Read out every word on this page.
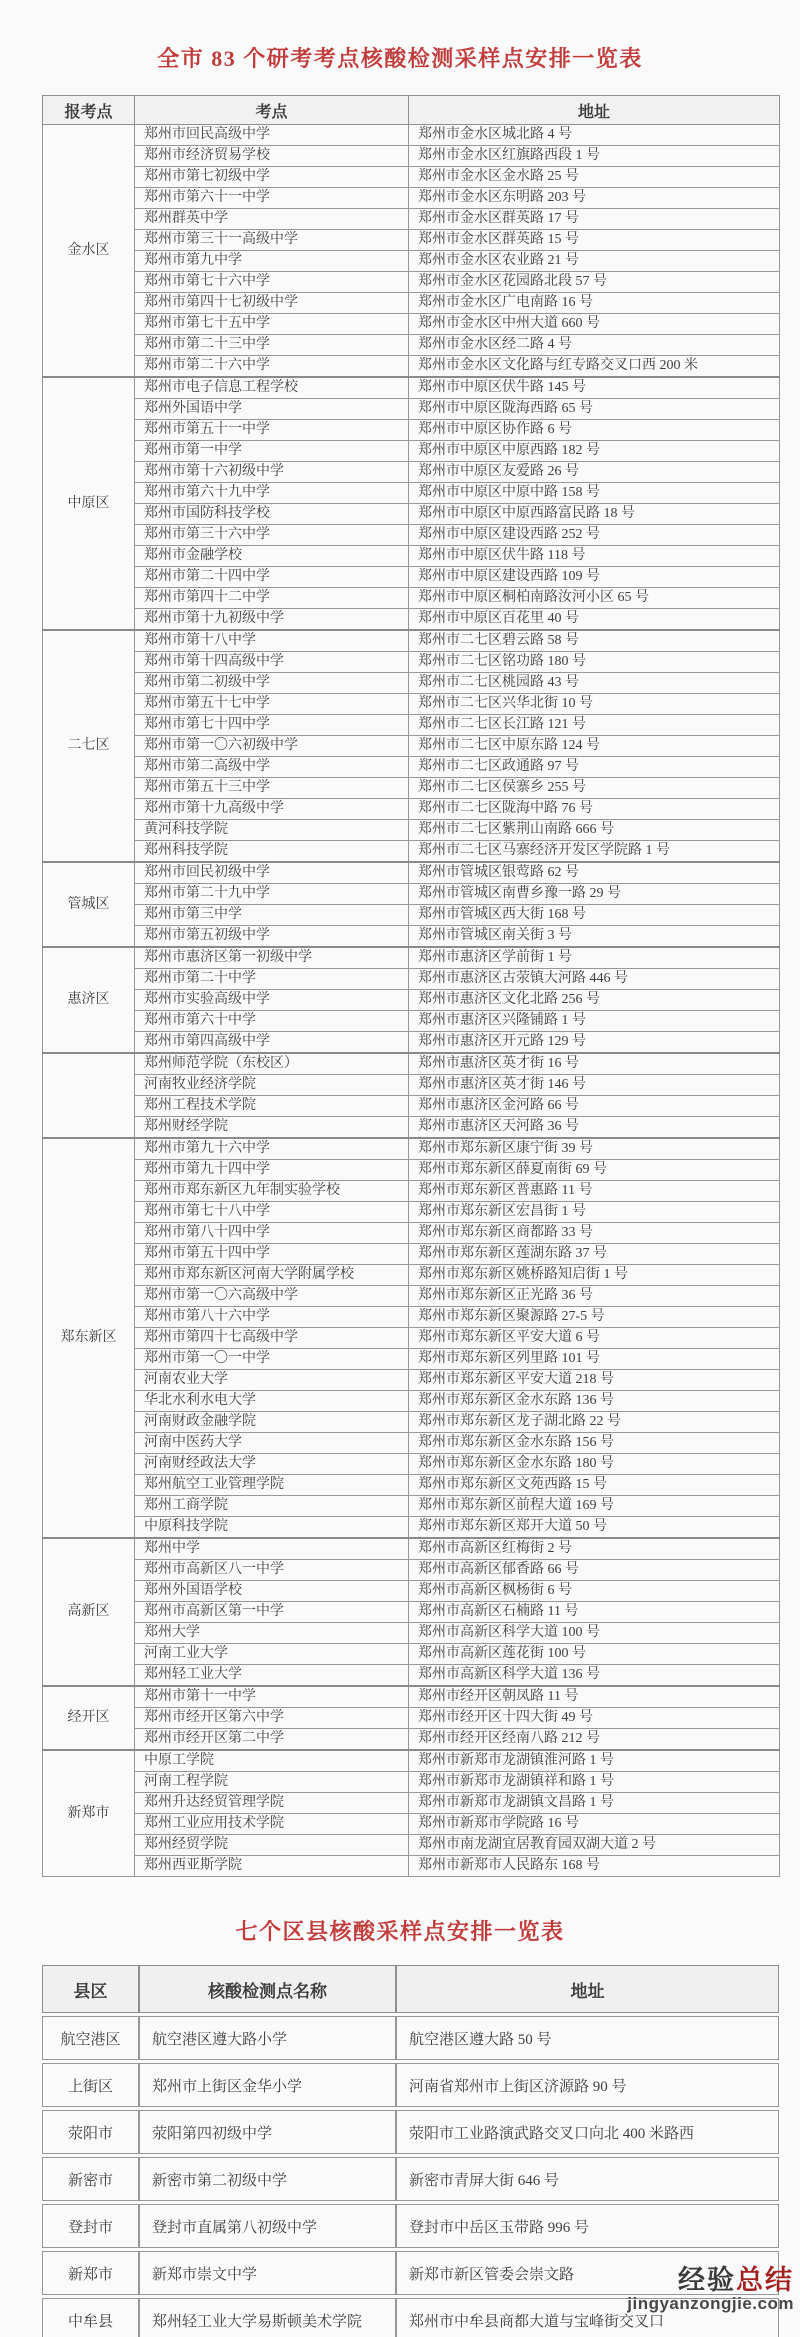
全市 83 个研考考点核酸检测采样点安排一览表
报考点	考点	地址
金水区	郑州市回民高级中学	郑州市金水区城北路 4 号
	郑州市经济贸易学校	郑州市金水区红旗路西段 1 号
	郑州市第七初级中学	郑州市金水区金水路 25 号
	郑州市第六十一中学	郑州市金水区东明路 203 号
	郑州群英中学	郑州市金水区群英路 17 号
	郑州市第三十一高级中学	郑州市金水区群英路 15 号
	郑州市第九中学	郑州市金水区农业路 21 号
	郑州市第七十六中学	郑州市金水区花园路北段 57 号
	郑州市第四十七初级中学	郑州市金水区广电南路 16 号
	郑州市第七十五中学	郑州市金水区中州大道 660 号
	郑州市第二十三中学	郑州市金水区经二路 4 号
	郑州市第二十六中学	郑州市金水区文化路与红专路交叉口西 200 米
中原区	郑州市电子信息工程学校	郑州市中原区伏牛路 145 号
	郑州外国语中学	郑州市中原区陇海西路 65 号
	郑州市第五十一中学	郑州市中原区协作路 6 号
	郑州市第一中学	郑州市中原区中原西路 182 号
	郑州市第十六初级中学	郑州市中原区友爱路 26 号
	郑州市第六十九中学	郑州市中原区中原中路 158 号
	郑州市国防科技学校	郑州市中原区中原西路富民路 18 号
	郑州市第三十六中学	郑州市中原区建设西路 252 号
	郑州市金融学校	郑州市中原区伏牛路 118 号
	郑州市第二十四中学	郑州市中原区建设西路 109 号
	郑州市第四十二中学	郑州市中原区桐柏南路汝河小区 65 号
	郑州市第十九初级中学	郑州市中原区百花里 40 号
二七区	郑州市第十八中学	郑州市二七区碧云路 58 号
	郑州市第十四高级中学	郑州市二七区铭功路 180 号
	郑州市第二初级中学	郑州市二七区桃园路 43 号
	郑州市第五十七中学	郑州市二七区兴华北街 10 号
	郑州市第七十四中学	郑州市二七区长江路 121 号
	郑州市第一〇六初级中学	郑州市二七区中原东路 124 号
	郑州市第二高级中学	郑州市二七区政通路 97 号
	郑州市第五十三中学	郑州市二七区侯寨乡 255 号
	郑州市第十九高级中学	郑州市二七区陇海中路 76 号
	黄河科技学院	郑州市二七区紫荆山南路 666 号
	郑州科技学院	郑州市二七区马寨经济开发区学院路 1 号
管城区	郑州市回民初级中学	郑州市管城区银莺路 62 号
	郑州市第二十九中学	郑州市管城区南曹乡豫一路 29 号
	郑州市第三中学	郑州市管城区西大街 168 号
	郑州市第五初级中学	郑州市管城区南关街 3 号
惠济区	郑州市惠济区第一初级中学	郑州市惠济区学前街 1 号
	郑州市第二十中学	郑州市惠济区古荥镇大河路 446 号
	郑州市实验高级中学	郑州市惠济区文化北路 256 号
	郑州市第六十中学	郑州市惠济区兴隆铺路 1 号
	郑州市第四高级中学	郑州市惠济区开元路 129 号
	郑州师范学院（东校区）	郑州市惠济区英才街 16 号
	河南牧业经济学院	郑州市惠济区英才街 146 号
	郑州工程技术学院	郑州市惠济区金河路 66 号
	郑州财经学院	郑州市惠济区天河路 36 号
郑东新区	郑州市第九十六中学	郑州市郑东新区康宁街 39 号
	郑州市第九十四中学	郑州市郑东新区薛夏南街 69 号
	郑州市郑东新区九年制实验学校	郑州市郑东新区普惠路 11 号
	郑州市第七十八中学	郑州市郑东新区宏昌街 1 号
	郑州市第八十四中学	郑州市郑东新区商都路 33 号
	郑州市第五十四中学	郑州市郑东新区莲湖东路 37 号
	郑州市郑东新区河南大学附属学校	郑州市郑东新区姚桥路知启街 1 号
	郑州市第一〇六高级中学	郑州市郑东新区正光路 36 号
	郑州市第八十六中学	郑州市郑东新区聚源路 27-5 号
	郑州市第四十七高级中学	郑州市郑东新区平安大道 6 号
	郑州市第一〇一中学	郑州市郑东新区列里路 101 号
	河南农业大学	郑州市郑东新区平安大道 218 号
	华北水利水电大学	郑州市郑东新区金水东路 136 号
	河南财政金融学院	郑州市郑东新区龙子湖北路 22 号
	河南中医药大学	郑州市郑东新区金水东路 156 号
	河南财经政法大学	郑州市郑东新区金水东路 180 号
	郑州航空工业管理学院	郑州市郑东新区文苑西路 15 号
	郑州工商学院	郑州市郑东新区前程大道 169 号
	中原科技学院	郑州市郑东新区郑开大道 50 号
高新区	郑州中学	郑州市高新区红梅街 2 号
	郑州市高新区八一中学	郑州市高新区郁香路 66 号
	郑州外国语学校	郑州市高新区枫杨街 6 号
	郑州市高新区第一中学	郑州市高新区石楠路 11 号
	郑州大学	郑州市高新区科学大道 100 号
	河南工业大学	郑州市高新区莲花街 100 号
	郑州轻工业大学	郑州市高新区科学大道 136 号
经开区	郑州市第十一中学	郑州市经开区朝凤路 11 号
	郑州市经开区第六中学	郑州市经开区十四大街 49 号
	郑州市经开区第二中学	郑州市经开区经南八路 212 号
新郑市	中原工学院	郑州市新郑市龙湖镇淮河路 1 号
	河南工程学院	郑州市新郑市龙湖镇祥和路 1 号
	郑州升达经贸管理学院	郑州市新郑市龙湖镇文昌路 1 号
	郑州工业应用技术学院	郑州市新郑市学院路 16 号
	郑州经贸学院	郑州市南龙湖宜居教育园双湖大道 2 号
	郑州西亚斯学院	郑州市新郑市人民路东 168 号
七个区县核酸采样点安排一览表
县区	核酸检测点名称	地址
航空港区	航空港区遵大路小学	航空港区遵大路 50 号
上街区	郑州市上街区金华小学	河南省郑州市上街区济源路 90 号
荥阳市	荥阳第四初级中学	荥阳市工业路演武路交叉口向北 400 米路西
新密市	新密市第二初级中学	新密市青屏大街 646 号
登封市	登封市直属第八初级中学	登封市中岳区玉带路 996 号
新郑市	新郑市崇文中学	新郑市新区管委会崇文路
中牟县	郑州轻工业大学易斯顿美术学院	郑州市中牟县商都大道与宝峰街交叉口
经验总结
jingyanzongjie.com
